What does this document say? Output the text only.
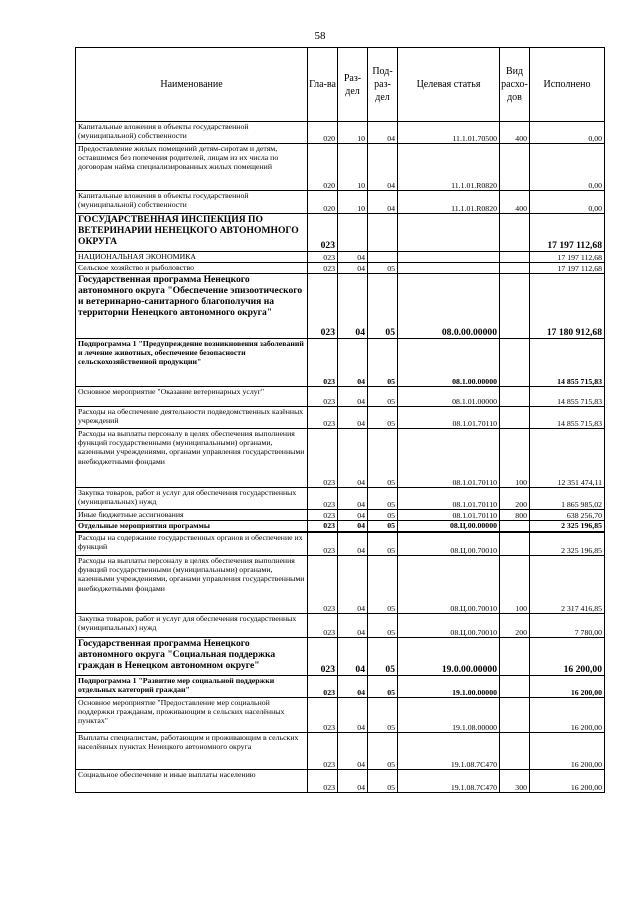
58
Наименование	Гла-ва	Раз-дел	Под-раз-дел	Целевая статья	Вид расхо-дов	Исполнено
Капитальные вложения в объекты государственной (муниципальной) собственности	020	10	04	11.1.01.70500	400	0,00
Предоставление жилых помещений детям-сиротам и детям, оставшимся без попечения родителей, лицам из их числа по договорам найма специализированных жилых помещений	020	10	04	11.1.01.R0820		0,00
Капитальные вложения в объекты государственной (муниципальной) собственности	020	10	04	11.1.01.R0820	400	0,00
ГОСУДАРСТВЕННАЯ ИНСПЕКЦИЯ ПО ВЕТЕРИНАРИИ НЕНЕЦКОГО АВТОНОМНОГО ОКРУГА	023					17 197 112,68
НАЦИОНАЛЬНАЯ ЭКОНОМИКА	023	04				17 197 112,68
Сельское хозяйство и рыболовство	023	04	05			17 197 112,68
Государственная программа Ненецкого автономного округа "Обеспечение эпизоотического и ветеринарно-санитарного благополучия на территории Ненецкого автономного округа"	023	04	05	08.0.00.00000		17 180 912,68
Подпрограмма 1 "Предупреждение возникновения заболеваний и лечение животных, обеспечение безопасности сельскохозяйственной продукции"	023	04	05	08.1.00.00000		14 855 715,83
Основное мероприятие "Оказание ветеринарных услуг"	023	04	05	08.1.01.00000		14 855 715,83
Расходы на обеспечение деятельности подведомственных казённых учреждений	023	04	05	08.1.01.70110		14 855 715,83
Расходы на выплаты персоналу в целях обеспечения выполнения функций государственными (муниципальными) органами, казенными учреждениями, органами управления государственными внебюджетными фондами	023	04	05	08.1.01.70110	100	12 351 474,11
Закупка товаров, работ и услуг для обеспечения государственных (муниципальных) нужд	023	04	05	08.1.01.70110	200	1 865 985,02
Иные бюджетные ассигнования	023	04	05	08.1.01.70110	800	638 256,70
Отдельные мероприятия программы	023	04	05	08.Ц.00.00000		2 325 196,85
Расходы на содержание государственных органов и обеспечение их функций	023	04	05	08.Ц.00.70010		2 325 196,85
Расходы на выплаты персоналу в целях обеспечения выполнения функций государственными (муниципальными) органами, казенными учреждениями, органами управления государственными внебюджетными фондами	023	04	05	08.Ц.00.70010	100	2 317 416,85
Закупка товаров, работ и услуг для обеспечения государственных (муниципальных) нужд	023	04	05	08.Ц.00.70010	200	7 780,00
Государственная программа Ненецкого автономного округа "Социальная поддержка граждан в Ненецком автономном округе"	023	04	05	19.0.00.00000		16 200,00
Подпрограмма 1 "Развитие мер социальной поддержки отдельных категорий граждан"	023	04	05	19.1.00.00000		16 200,00
Основное мероприятие "Предоставление мер социальной поддержки гражданам, проживающим в сельских населённых пунктах"	023	04	05	19.1.08.00000		16 200,00
Выплаты специалистам, работающим и проживающим в сельских населённых пунктах Ненецкого автономного округа	023	04	05	19.1.08.7С470		16 200,00
Социальное обеспечение и иные выплаты населению	023	04	05	19.1.08.7С470	300	16 200,00
